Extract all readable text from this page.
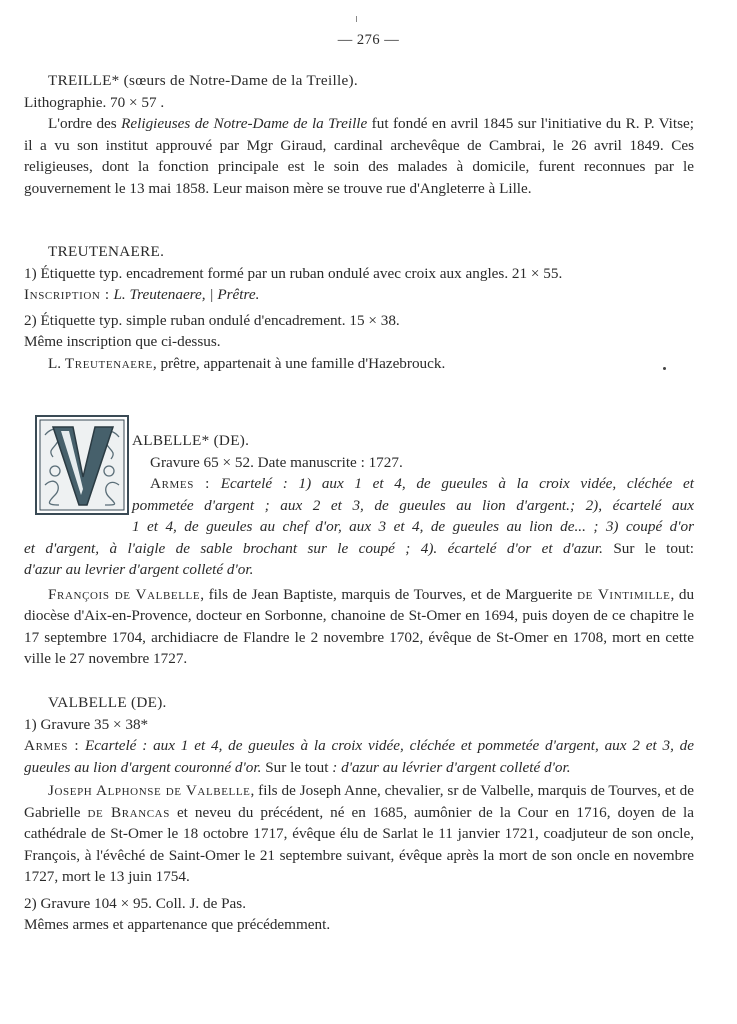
— 276 —
TREILLE* (sœurs de Notre-Dame de la Treille).
Lithographie. 70 × 57 .
L'ordre des Religieuses de Notre-Dame de la Treille fut fondé en avril 1845 sur l'initiative du R. P. Vitse; il a vu son institut approuvé par Mgr Giraud, cardinal archevêque de Cambrai, le 26 avril 1849. Ces religieuses, dont la fonction principale est le soin des malades à domicile, furent reconnues par le gouvernement le 13 mai 1858. Leur maison mère se trouve rue d'Angleterre à Lille.
TREUTENAERE.
1) Étiquette typ. encadrement formé par un ruban ondulé avec croix aux angles. 21 × 55.
Inscription : L. Treutenaere, | Prêtre.
2) Étiquette typ. simple ruban ondulé d'encadrement. 15 × 38.
Même inscription que ci-dessus.
L. Treutenaere, prêtre, appartenait à une famille d'Hazebrouck.
ALBELLE* (DE).
Gravure 65 × 52. Date manuscrite : 1727.
Armes : Ecartelé : 1) aux 1 et 4, de gueules à la croix vidée, cléchée et
pommetée d'argent ; aux 2 et 3, de gueules au lion d'argent.; 2), écartelé aux
1 et 4, de gueules au chef d'or, aux 3 et 4, de gueules au lion de... ; 3) coupé d'or
et d'argent, à l'aigle de sable brochant sur le coupé ; 4). écartelé d'or et d'azur. Sur le tout:
d'azur au levrier d'argent colleté d'or.
François de Valbelle, fils de Jean Baptiste, marquis de Tourves, et de Marguerite de Vintimille, du diocèse d'Aix-en-Provence, docteur en Sorbonne, chanoine de St-Omer en 1694, puis doyen de ce chapitre le 17 septembre 1704, archidiacre de Flandre le 2 novembre 1702, évêque de St-Omer en 1708, mort en cette ville le 27 novembre 1727.
VALBELLE (DE).
1) Gravure 35 × 38*
Armes : Ecartelé : aux 1 et 4, de gueules à la croix vidée, cléchée et pommetée d'argent, aux 2 et 3, de gueules au lion d'argent couronné d'or. Sur le tout : d'azur au lévrier d'argent colleté d'or.
Joseph Alphonse de Valbelle, fils de Joseph Anne, chevalier, sr de Valbelle, marquis de Tourves, et de Gabrielle de Brancas et neveu du précédent, né en 1685, aumônier de la Cour en 1716, doyen de la cathédrale de St-Omer le 18 octobre 1717, évêque élu de Sarlat le 11 janvier 1721, coadjuteur de son oncle, François, à l'évêché de Saint-Omer le 21 septembre suivant, évêque après la mort de son oncle en novembre 1727, mort le 13 juin 1754.
2) Gravure 104 × 95. Coll. J. de Pas.
Mêmes armes et appartenance que précédemment.
